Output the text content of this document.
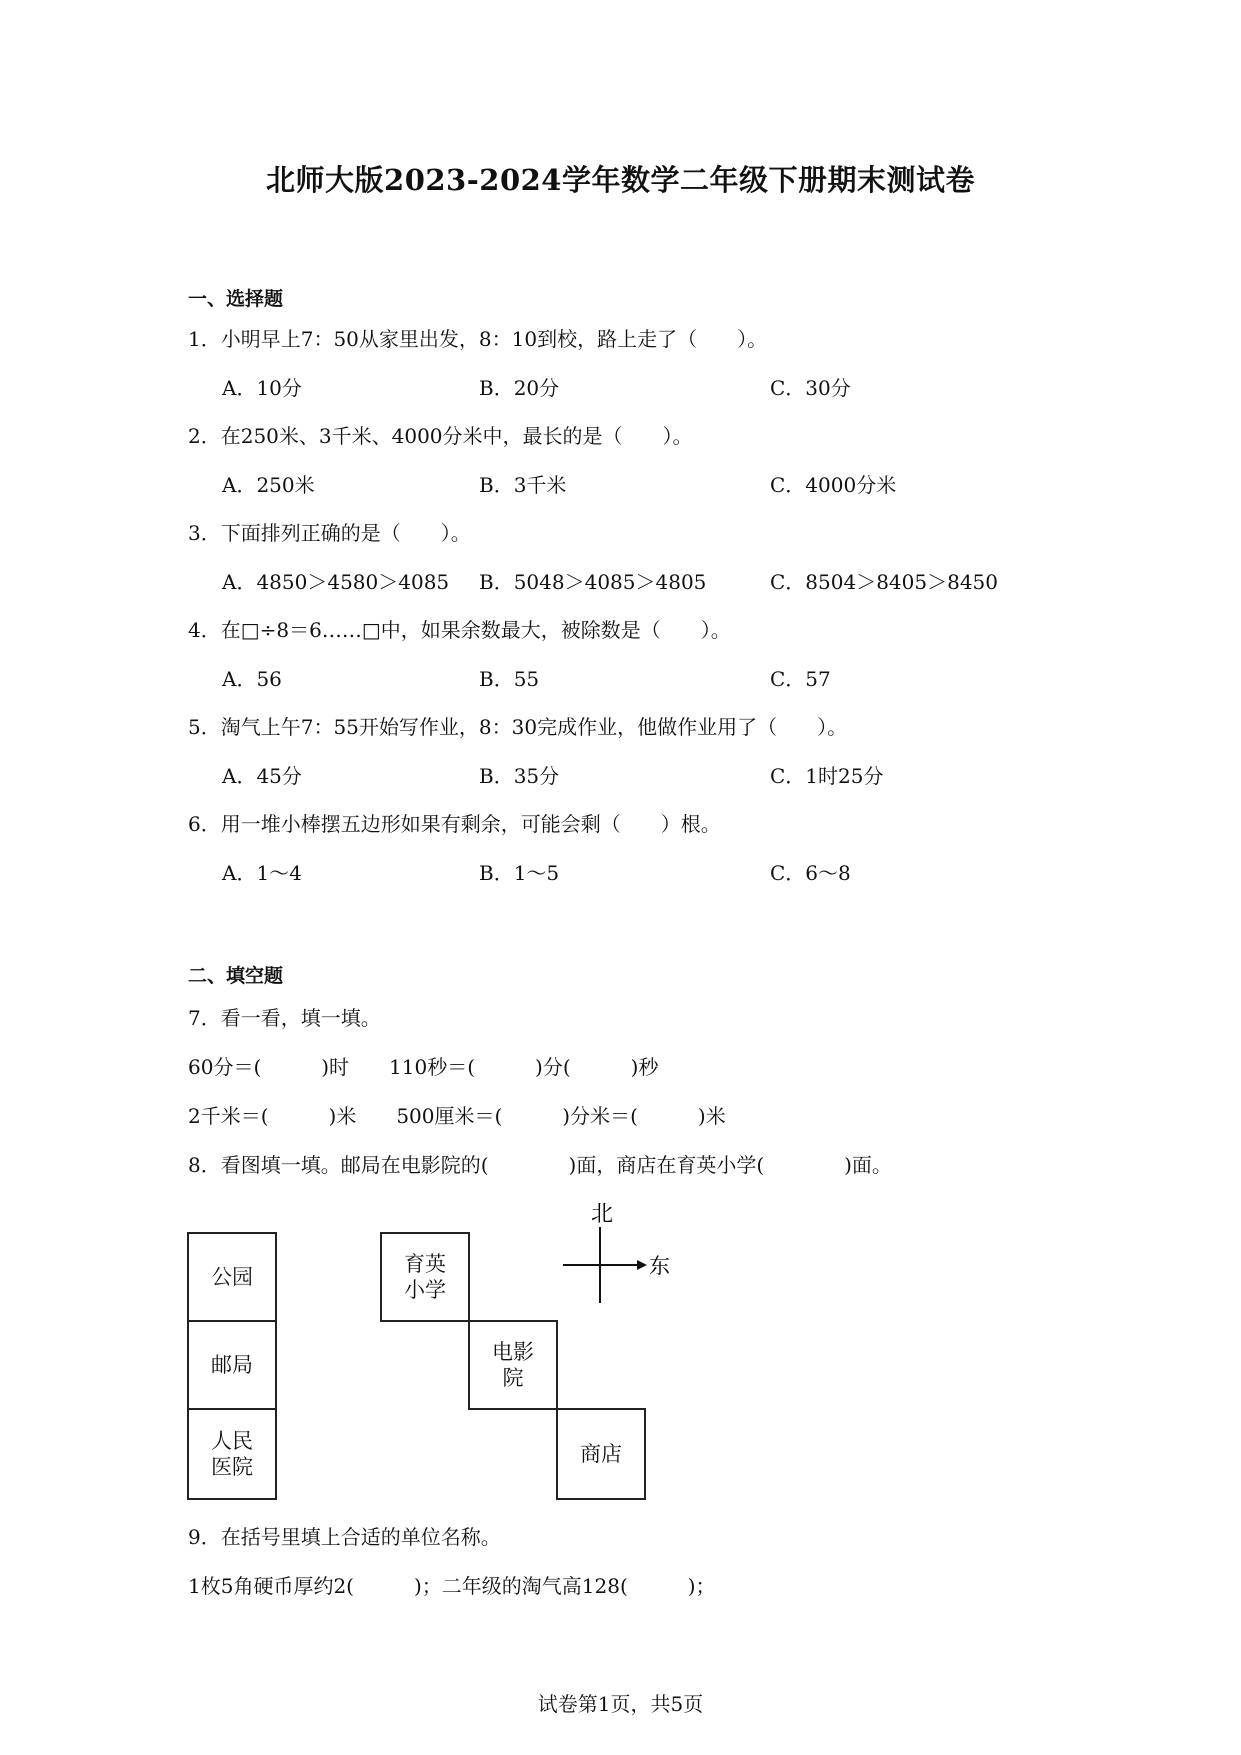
北师大版2023-2024学年数学二年级下册期末测试卷
一、选择题
1．小明早上7：50从家里出发，8：10到校，路上走了（　　）。
A．10分	B．20分	C．30分
2．在250米、3千米、4000分米中，最长的是（　　）。
A．250米	B．3千米	C．4000分米
3．下面排列正确的是（　　）。
A．4850＞4580＞4085 B．5048＞4085＞4805	C．8504＞8405＞8450
4．在□÷8＝6……□中，如果余数最大，被除数是（　　）。
A．56	B．55	C．57
5．淘气上午7：55开始写作业，8：30完成作业，他做作业用了（　　）。
A．45分	B．35分	C．1时25分
6．用一堆小棒摆五边形如果有剩余，可能会剩（　　）根。
A．1～4	B．1～5	C．6～8
二、填空题
7．看一看，填一填。
60分＝(　　　)时　　110秒＝(　　　)分(　　　)秒
2千米＝(　　　)米　　500厘米＝(　　　)分米＝(　　　)米
8．看图填一填。邮局在电影院的(　　　　)面，商店在育英小学(　　　　)面。
公园
邮局
人民
医院
育英
小学
电影
院
商店
北
东
9．在括号里填上合适的单位名称。
1枚5角硬币厚约2(　　　)；二年级的淘气高128(　　　)；
试卷第1页，共5页
